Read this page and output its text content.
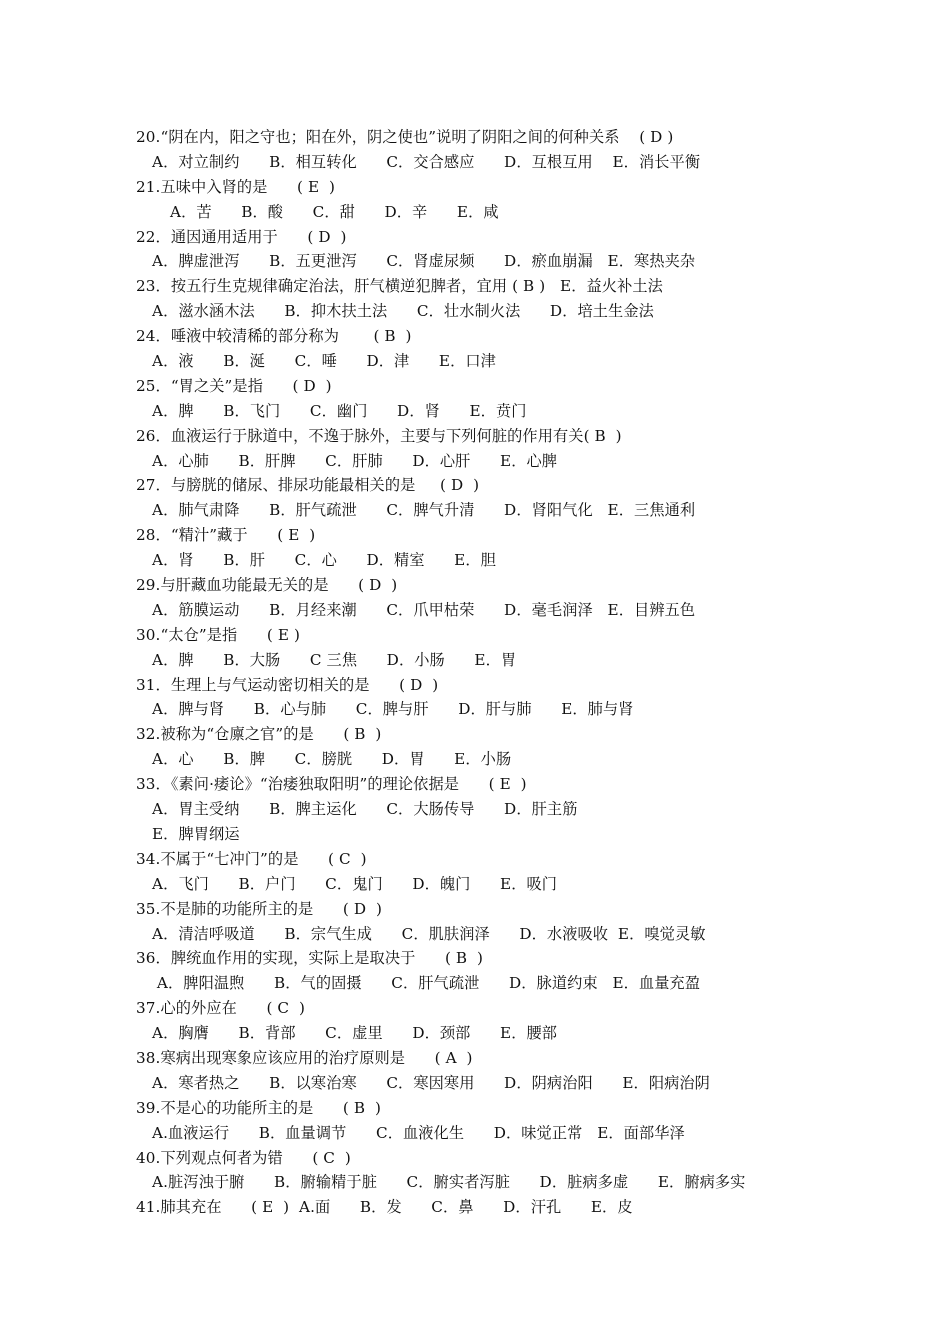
20.“阴在内，阳之守也；阳在外，阴之使也”说明了阴阳之间的何种关系    ( D )
A．对立制约      B．相互转化      C．交合感应      D．互根互用    E．消长平衡
21.五味中入肾的是      ( E  )
A．苦      B．酸      C．甜      D．辛      E．咸
22．通因通用适用于      ( D  )
A．脾虚泄泻      B．五更泄泻      C．肾虚尿频      D．瘀血崩漏   E．寒热夹杂
23．按五行生克规律确定治法，肝气横逆犯脾者，宜用 ( B )   E．益火补土法
A．滋水涵木法      B．抑木扶土法      C．壮水制火法      D．培土生金法
24．唾液中较清稀的部分称为       ( B  )
A．液      B．涎      C．唾      D．津      E．口津
25．“胃之关”是指      ( D  )
A．脾      B．飞门      C．幽门      D．肾      E．贲门
26．血液运行于脉道中，不逸于脉外，主要与下列何脏的作用有关( B  )
A．心肺      B．肝脾      C．肝肺      D．心肝      E．心脾
27．与膀胱的储尿、排尿功能最相关的是     ( D  )
A．肺气肃降      B．肝气疏泄      C．脾气升清      D．肾阳气化   E．三焦通利
28．“精汁”藏于      ( E  )
A．肾      B．肝      C．心      D．精室      E．胆
29.与肝藏血功能最无关的是      ( D  )
A．筋膜运动      B．月经来潮      C．爪甲枯荣      D．毫毛润泽   E．目辨五色
30.“太仓”是指      ( E )
A．脾      B．大肠      C 三焦      D．小肠      E．胃
31．生理上与气运动密切相关的是      ( D  )
A．脾与肾      B．心与肺      C．脾与肝      D．肝与肺      E．肺与肾
32.被称为“仓廪之官”的是      ( B  )
A．心      B．脾      C．膀胱      D．胃      E．小肠
33．《素问·痿论》“治痿独取阳明”的理论依据是      ( E  )
A．胃主受纳      B．脾主运化      C．大肠传导      D．肝主筋
E．脾胃纲运
34.不属于“七冲门”的是      ( C  )
A．飞门      B．户门      C．鬼门      D．魄门      E．吸门
35.不是肺的功能所主的是      ( D  )
A．清洁呼吸道      B．宗气生成      C．肌肤润泽      D．水液吸收  E．嗅觉灵敏
36．脾统血作用的实现，实际上是取决于      ( B  )
A．脾阳温煦      B．气的固摄      C．肝气疏泄      D．脉道约束   E．血量充盈
37.心的外应在      ( C  )
A．胸膺      B．背部      C．虚里      D．颈部      E．腰部
38.寒病出现寒象应该应用的治疗原则是      ( A  )
A．寒者热之      B．以寒治寒      C．寒因寒用      D．阴病治阳      E．阳病治阴
39.不是心的功能所主的是      ( B  )
A.血液运行      B．血量调节      C．血液化生      D．味觉正常   E．面部华泽
40.下列观点何者为错      ( C  )
A.脏泻浊于腑      B．腑输精于脏      C．腑实者泻脏      D．脏病多虚      E．腑病多实
41.肺其充在      ( E  )  A.面      B．发      C．鼻      D．汗孔      E．皮
